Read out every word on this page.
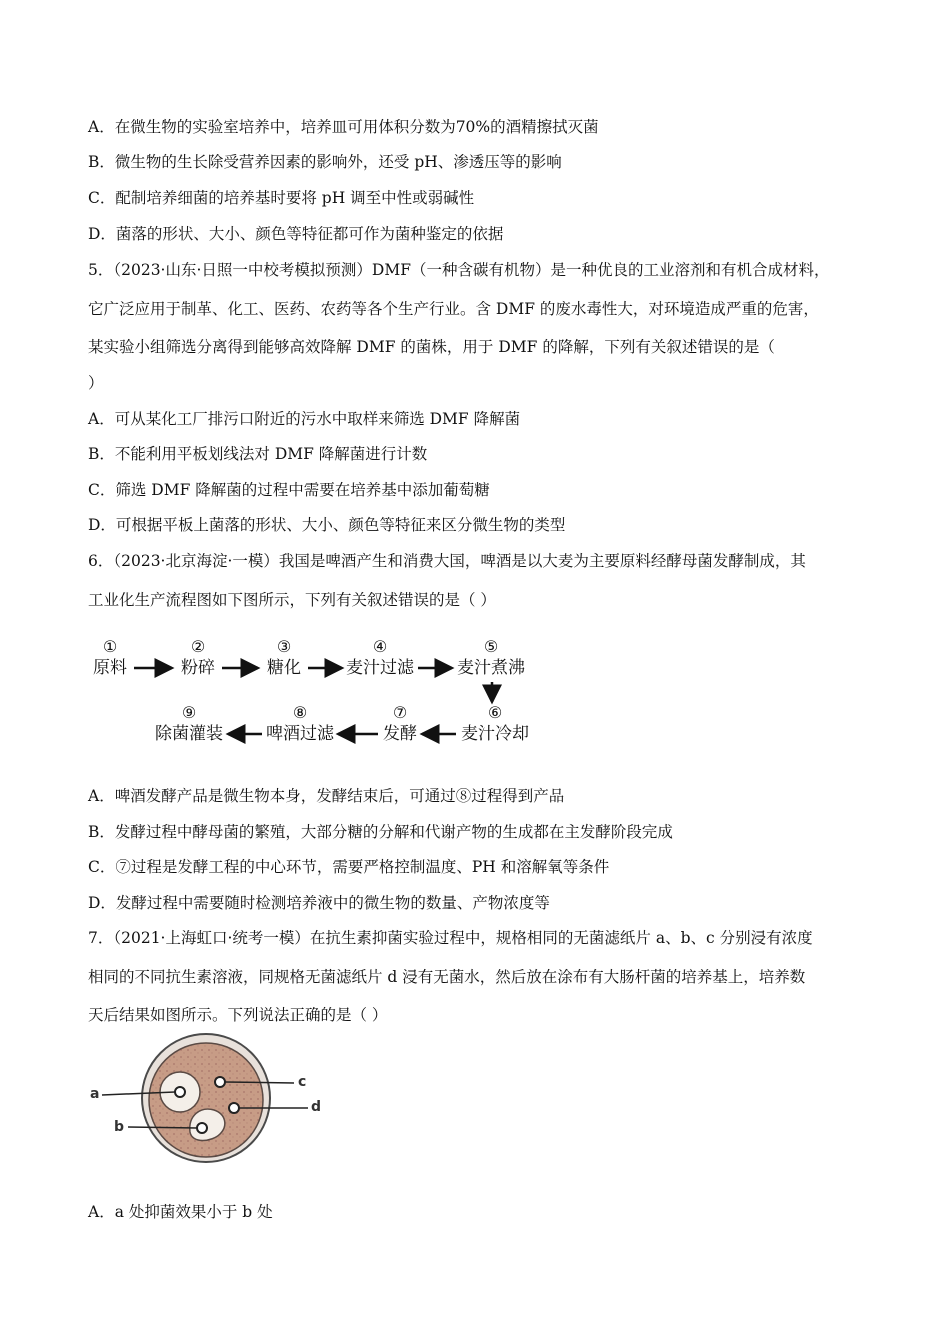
A．在微生物的实验室培养中，培养皿可用体积分数为70%的酒精擦拭灭菌
B．微生物的生长除受营养因素的影响外，还受 pH、渗透压等的影响
C．配制培养细菌的培养基时要将 pH 调至中性或弱碱性
D．菌落的形状、大小、颜色等特征都可作为菌种鉴定的依据
5．（2023·山东·日照一中校考模拟预测）DMF（一种含碳有机物）是一种优良的工业溶剂和有机合成材料，
它广泛应用于制革、化工、医药、农药等各个生产行业。含 DMF 的废水毒性大，对环境造成严重的危害，
某实验小组筛选分离得到能够高效降解 DMF 的菌株，用于 DMF 的降解，下列有关叙述错误的是（
）
A．可从某化工厂排污口附近的污水中取样来筛选 DMF 降解菌
B．不能利用平板划线法对 DMF 降解菌进行计数
C．筛选 DMF 降解菌的过程中需要在培养基中添加葡萄糖
D．可根据平板上菌落的形状、大小、颜色等特征来区分微生物的类型
6．（2023·北京海淀·一模）我国是啤酒产生和消费大国，啤酒是以大麦为主要原料经酵母菌发酵制成，其
工业化生产流程图如下图所示，下列有关叙述错误的是（ ）
①
原料
②
粉碎
③
糖化
④
麦汁过滤
⑤
麦汁煮沸
⑥
麦汁冷却
⑦
发酵
⑧
啤酒过滤
⑨
除菌灌装
A．啤酒发酵产品是微生物本身，发酵结束后，可通过⑧过程得到产品
B．发酵过程中酵母菌的繁殖，大部分糖的分解和代谢产物的生成都在主发酵阶段完成
C．⑦过程是发酵工程的中心环节，需要严格控制温度、PH 和溶解氧等条件
D．发酵过程中需要随时检测培养液中的微生物的数量、产物浓度等
7．（2021·上海虹口·统考一模）在抗生素抑菌实验过程中，规格相同的无菌滤纸片 a、b、c 分别浸有浓度
相同的不同抗生素溶液，同规格无菌滤纸片 d 浸有无菌水，然后放在涂布有大肠杆菌的培养基上，培养数
天后结果如图所示。下列说法正确的是（ ）
a
b
c
d
A．a 处抑菌效果小于 b 处
